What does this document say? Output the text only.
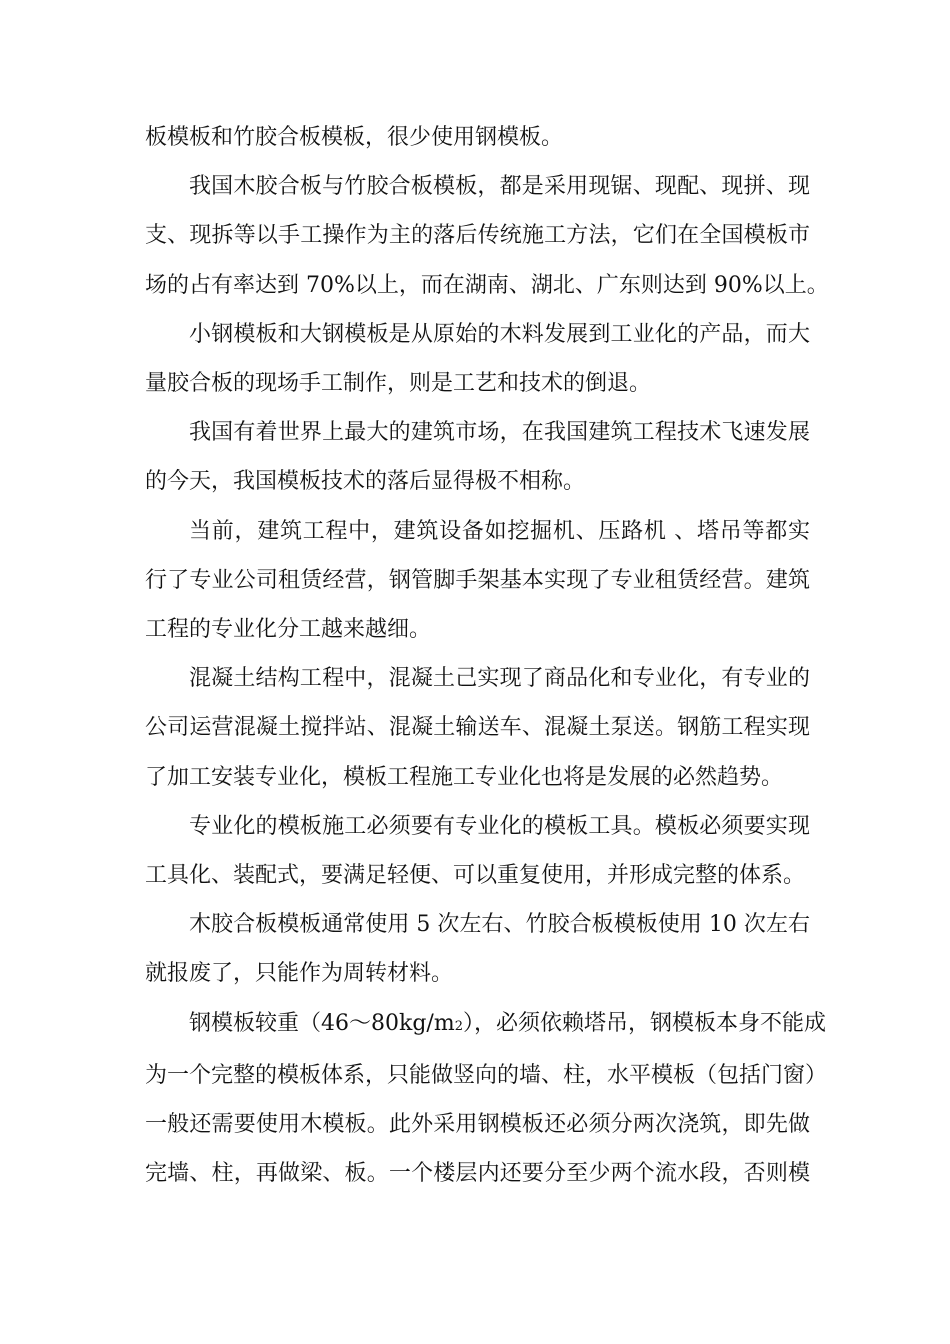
板模板和竹胶合板模板，很少使用钢模板。

我国木胶合板与竹胶合板模板，都是采用现锯、现配、现拼、现
支、现拆等以手工操作为主的落后传统施工方法，它们在全国模板市
场的占有率达到 70%以上，而在湖南、湖北、广东则达到 90%以上。

小钢模板和大钢模板是从原始的木料发展到工业化的产品，而大
量胶合板的现场手工制作，则是工艺和技术的倒退。

我国有着世界上最大的建筑市场，在我国建筑工程技术飞速发展
的今天，我国模板技术的落后显得极不相称。

当前，建筑工程中，建筑设备如挖掘机、压路机 、塔吊等都实
行了专业公司租赁经营，钢管脚手架基本实现了专业租赁经营。建筑
工程的专业化分工越来越细。

混凝土结构工程中，混凝土己实现了商品化和专业化，有专业的
公司运营混凝土搅拌站、混凝土输送车、混凝土泵送。钢筋工程实现
了加工安装专业化，模板工程施工专业化也将是发展的必然趋势。

专业化的模板施工必须要有专业化的模板工具。模板必须要实现
工具化、装配式，要满足轻便、可以重复使用，并形成完整的体系。

木胶合板模板通常使用 5 次左右、竹胶合板模板使用 10 次左右
就报废了，只能作为周转材料。

钢模板较重（46～80kg/m2），必须依赖塔吊，钢模板本身不能成
为一个完整的模板体系，只能做竖向的墙、柱，水平模板（包括门窗）
一般还需要使用木模板。此外采用钢模板还必须分两次浇筑，即先做
完墙、柱，再做梁、板。一个楼层内还要分至少两个流水段，否则模
